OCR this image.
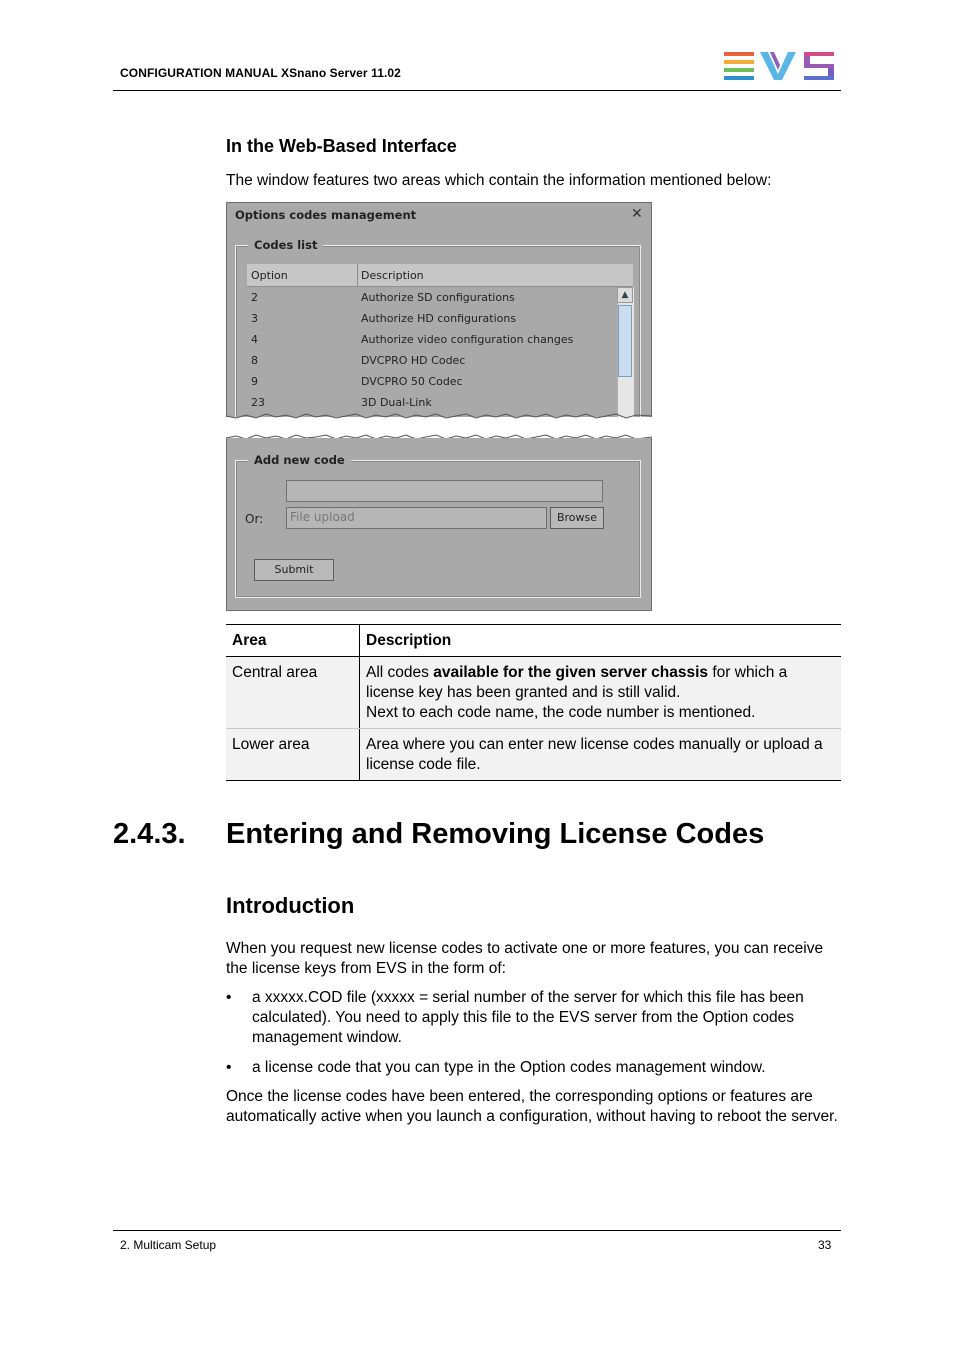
CONFIGURATION MANUAL XSnano Server 11.02
In the Web-Based Interface
The window features two areas which contain the information mentioned below:
Options codes management	✕
Codes list
Option	Description
2	Authorize SD configurations
3	Authorize HD configurations
4	Authorize video configuration changes
8	DVCPRO HD Codec
9	DVCPRO 50 Codec
23	3D Dual-Link
▲
Add new code
Or:	File upload	Browse
Submit
Area	Description
Central area	All codes available for the given server chassis for which a license key has been granted and is still valid.
Next to each code name, the code number is mentioned.
Lower area	Area where you can enter new license codes manually or upload a license code file.
2.4.3. Entering and Removing License Codes
Introduction
When you request new license codes to activate one or more features, you can receive the license keys from EVS in the form of:
• a xxxxx.COD file (xxxxx = serial number of the server for which this file has been calculated). You need to apply this file to the EVS server from the Option codes management window.
• a license code that you can type in the Option codes management window.
Once the license codes have been entered, the corresponding options or features are automatically active when you launch a configuration, without having to reboot the server.
2. Multicam Setup	33
